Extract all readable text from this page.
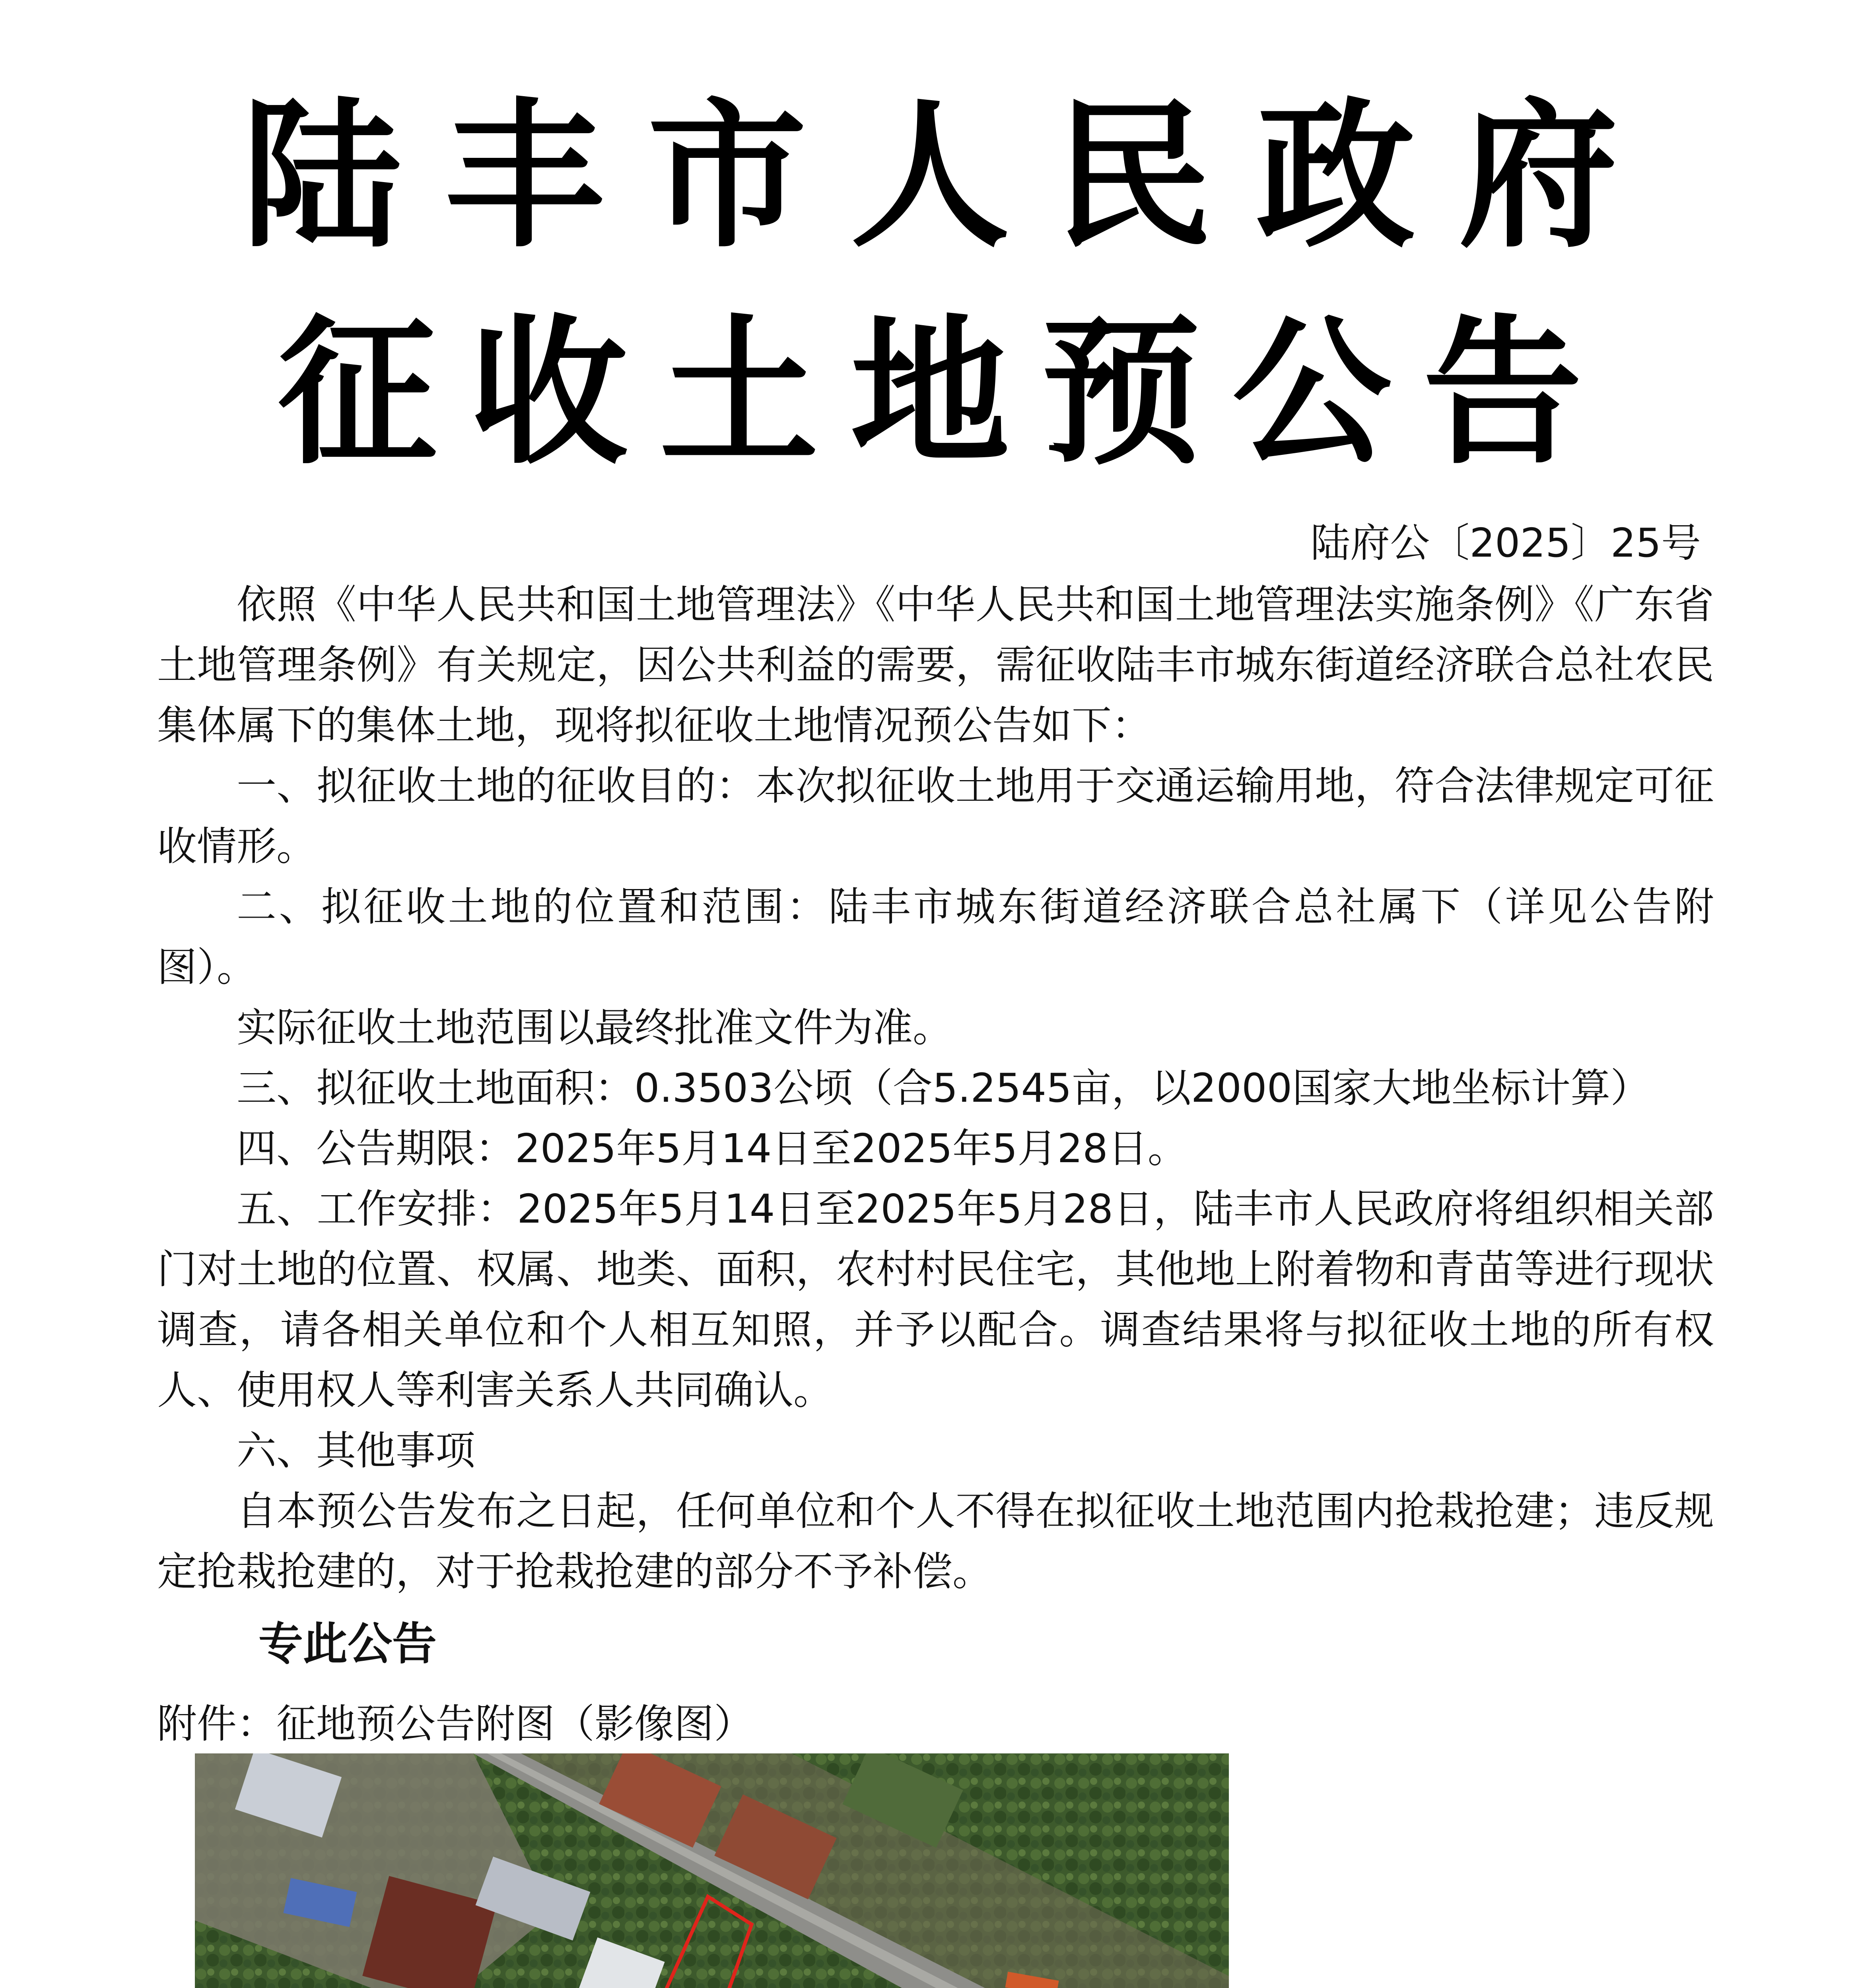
陆丰市人民政府
征收土地预公告
陆府公〔2025〕25号

依照《中华人民共和国土地管理法》《中华人民共和国土地管理法实施条例》《广东省土地管理条例》有关规定，因公共利益的需要，需征收陆丰市城东街道经济联合总社农民集体属下的集体土地，现将拟征收土地情况预公告如下：

一、拟征收土地的征收目的：本次拟征收土地用于交通运输用地，符合法律规定可征收情形。

二、拟征收土地的位置和范围：陆丰市城东街道经济联合总社属下（详见公告附图）。

实际征收土地范围以最终批准文件为准。

三、拟征收土地面积：0.3503公顷（合5.2545亩，以2000国家大地坐标计算）

四、公告期限：2025年5月14日至2025年5月28日。

五、工作安排：2025年5月14日至2025年5月28日，陆丰市人民政府将组织相关部门对土地的位置、权属、地类、面积，农村村民住宅，其他地上附着物和青苗等进行现状调查，请各相关单位和个人相互知照，并予以配合。调查结果将与拟征收土地的所有权人、使用权人等利害关系人共同确认。

六、其他事项

自本预公告发布之日起，任何单位和个人不得在拟征收土地范围内抢栽抢建；违反规定抢栽抢建的，对于抢栽抢建的部分不予补偿。

专此公告
附件：征地预公告附图（影像图）
